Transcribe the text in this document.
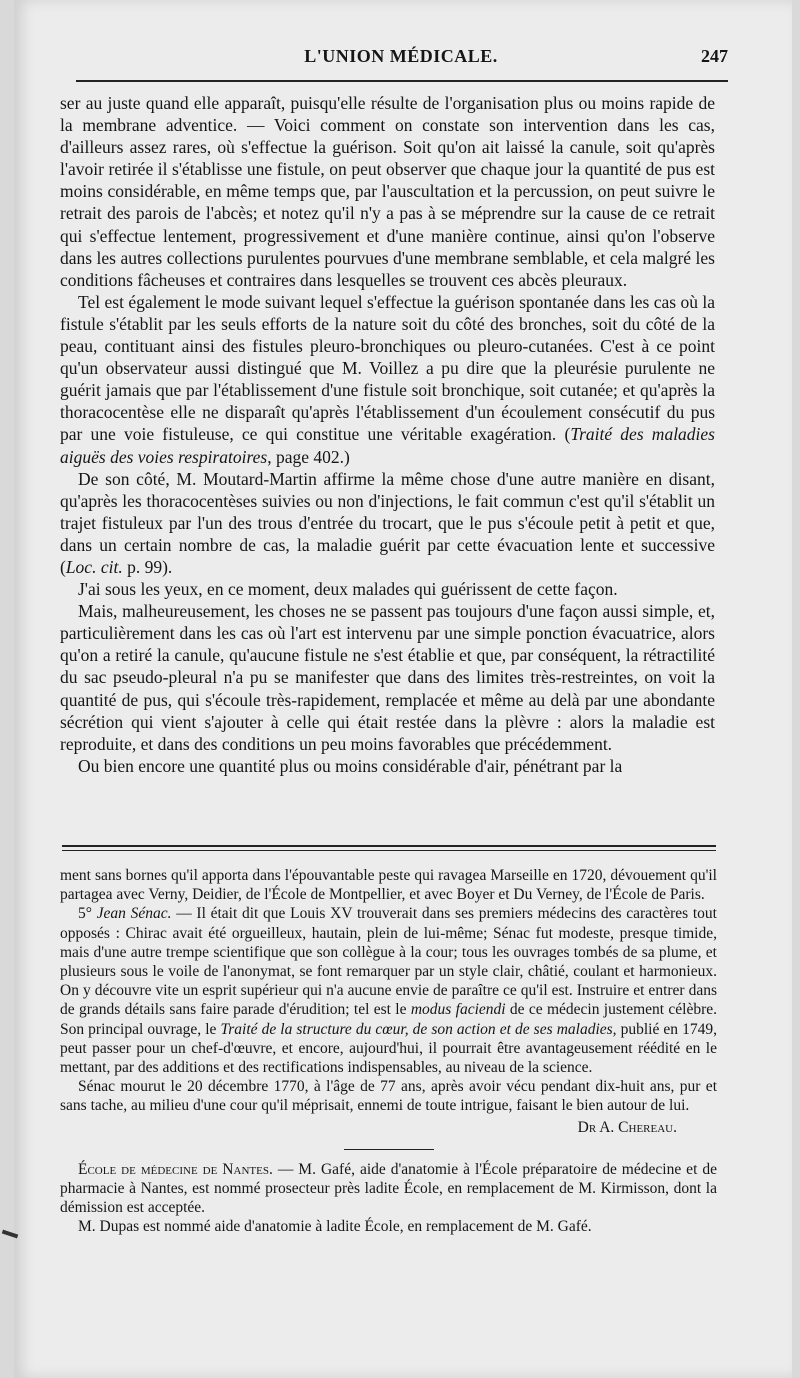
L'UNION MÉDICALE.	247

ser au juste quand elle apparaît, puisqu'elle résulte de l'organisation plus ou moins rapide de la membrane adventice. — Voici comment on constate son intervention dans les cas, d'ailleurs assez rares, où s'effectue la guérison. Soit qu'on ait laissé la canule, soit qu'après l'avoir retirée il s'établisse une fistule, on peut observer que chaque jour la quantité de pus est moins considérable, en même temps que, par l'auscultation et la percussion, on peut suivre le retrait des parois de l'abcès; et notez qu'il n'y a pas à se méprendre sur la cause de ce retrait qui s'effectue lentement, progressivement et d'une manière continue, ainsi qu'on l'observe dans les autres collections purulentes pourvues d'une membrane semblable, et cela malgré les conditions fâcheuses et contraires dans lesquelles se trouvent ces abcès pleuraux.

Tel est également le mode suivant lequel s'effectue la guérison spontanée dans les cas où la fistule s'établit par les seuls efforts de la nature soit du côté des bronches, soit du côté de la peau, contituant ainsi des fistules pleuro-bronchiques ou pleuro-cutanées. C'est à ce point qu'un observateur aussi distingué que M. Voillez a pu dire que la pleurésie purulente ne guérit jamais que par l'établissement d'une fistule soit bronchique, soit cutanée; et qu'après la thoracocentèse elle ne disparaît qu'après l'établissement d'un écoulement consécutif du pus par une voie fistuleuse, ce qui constitue une véritable exagération. (Traité des maladies aiguës des voies respiratoires, page 402.)

De son côté, M. Moutard-Martin affirme la même chose d'une autre manière en disant, qu'après les thoracocentèses suivies ou non d'injections, le fait commun c'est qu'il s'établit un trajet fistuleux par l'un des trous d'entrée du trocart, que le pus s'écoule petit à petit et que, dans un certain nombre de cas, la maladie guérit par cette évacuation lente et successive (Loc. cit. p. 99).

J'ai sous les yeux, en ce moment, deux malades qui guérissent de cette façon.

Mais, malheureusement, les choses ne se passent pas toujours d'une façon aussi simple, et, particulièrement dans les cas où l'art est intervenu par une simple ponction évacuatrice, alors qu'on a retiré la canule, qu'aucune fistule ne s'est établie et que, par conséquent, la rétractilité du sac pseudo-pleural n'a pu se manifester que dans des limites très-restreintes, on voit la quantité de pus, qui s'écoule très-rapidement, remplacée et même au delà par une abondante sécrétion qui vient s'ajouter à celle qui était restée dans la plèvre : alors la maladie est reproduite, et dans des conditions un peu moins favorables que précédemment.

Ou bien encore une quantité plus ou moins considérable d'air, pénétrant par la

ment sans bornes qu'il apporta dans l'épouvantable peste qui ravagea Marseille en 1720, dévouement qu'il partagea avec Verny, Deidier, de l'École de Montpellier, et avec Boyer et Du Verney, de l'École de Paris.

5° Jean Sénac. — Il était dit que Louis XV trouverait dans ses premiers médecins des caractères tout opposés : Chirac avait été orgueilleux, hautain, plein de lui-même; Sénac fut modeste, presque timide, mais d'une autre trempe scientifique que son collègue à la cour; tous les ouvrages tombés de sa plume, et plusieurs sous le voile de l'anonymat, se font remarquer par un style clair, châtié, coulant et harmonieux. On y découvre vite un esprit supérieur qui n'a aucune envie de paraître ce qu'il est. Instruire et entrer dans de grands détails sans faire parade d'érudition; tel est le modus faciendi de ce médecin justement célèbre. Son principal ouvrage, le Traité de la structure du cœur, de son action et de ses maladies, publié en 1749, peut passer pour un chef-d'œuvre, et encore, aujourd'hui, il pourrait être avantageusement réédité en le mettant, par des additions et des rectifications indispensables, au niveau de la science.

Sénac mourut le 20 décembre 1770, à l'âge de 77 ans, après avoir vécu pendant dix-huit ans, pur et sans tache, au milieu d'une cour qu'il méprisait, ennemi de toute intrigue, faisant le bien autour de lui.

Dr A. Chereau.

École de médecine de Nantes. — M. Gafé, aide d'anatomie à l'École préparatoire de médecine et de pharmacie à Nantes, est nommé prosecteur près ladite École, en remplacement de M. Kirmisson, dont la démission est acceptée.

M. Dupas est nommé aide d'anatomie à ladite École, en remplacement de M. Gafé.
